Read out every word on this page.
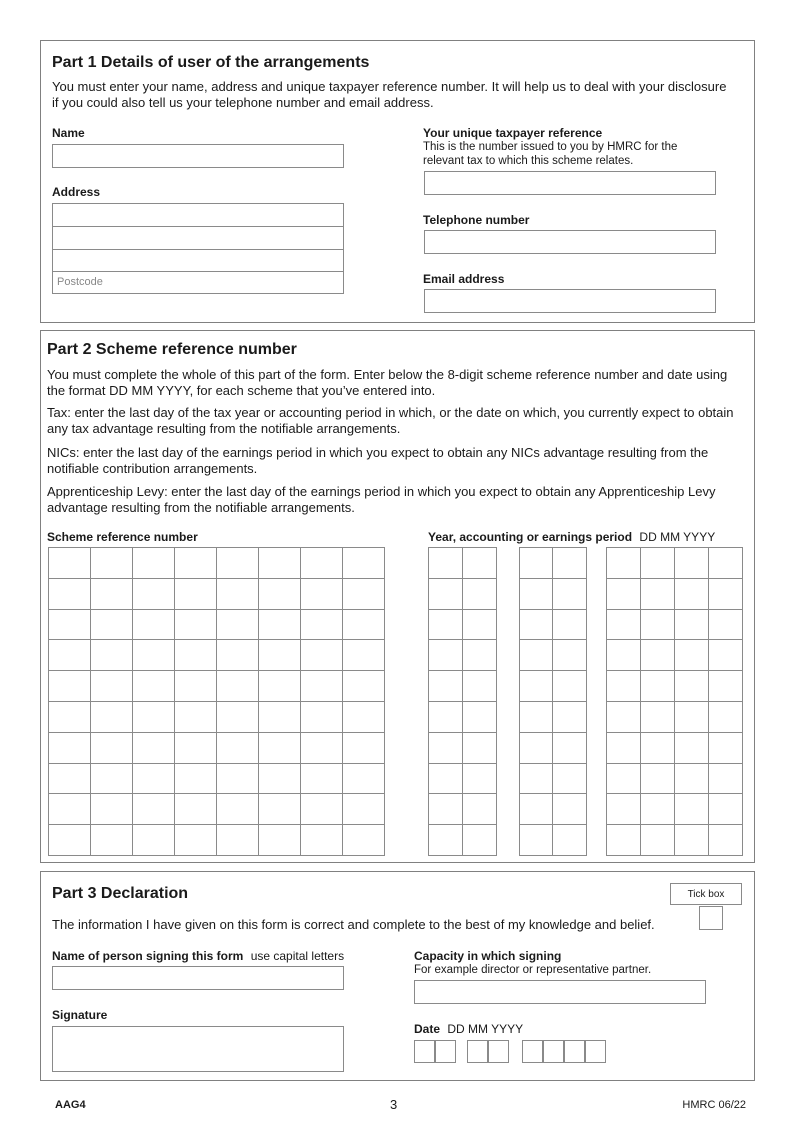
Part 1 Details of user of the arrangements
You must enter your name, address and unique taxpayer reference number. It will help us to deal with your disclosure if you could also tell us your telephone number and email address.
Name
Address
Postcode
Your unique taxpayer reference
This is the number issued to you by HMRC for the relevant tax to which this scheme relates.
Telephone number
Email address
Part 2 Scheme reference number
You must complete the whole of this part of the form. Enter below the 8-digit scheme reference number and date using the format DD MM YYYY, for each scheme that you’ve entered into.
Tax: enter the last day of the tax year or accounting period in which, or the date on which, you currently expect to obtain any tax advantage resulting from the notifiable arrangements.
NICs: enter the last day of the earnings period in which you expect to obtain any NICs advantage resulting from the notifiable contribution arrangements.
Apprenticeship Levy: enter the last day of the earnings period in which you expect to obtain any Apprenticeship Levy advantage resulting from the notifiable arrangements.
Scheme reference number	Year, accounting or earnings period DD MM YYYY
Part 3 Declaration	Tick box
The information I have given on this form is correct and complete to the best of my knowledge and belief.
Name of person signing this form use capital letters	Capacity in which signing
For example director or representative partner.
Signature
Date DD MM YYYY
AAG4	3	HMRC 06/22
